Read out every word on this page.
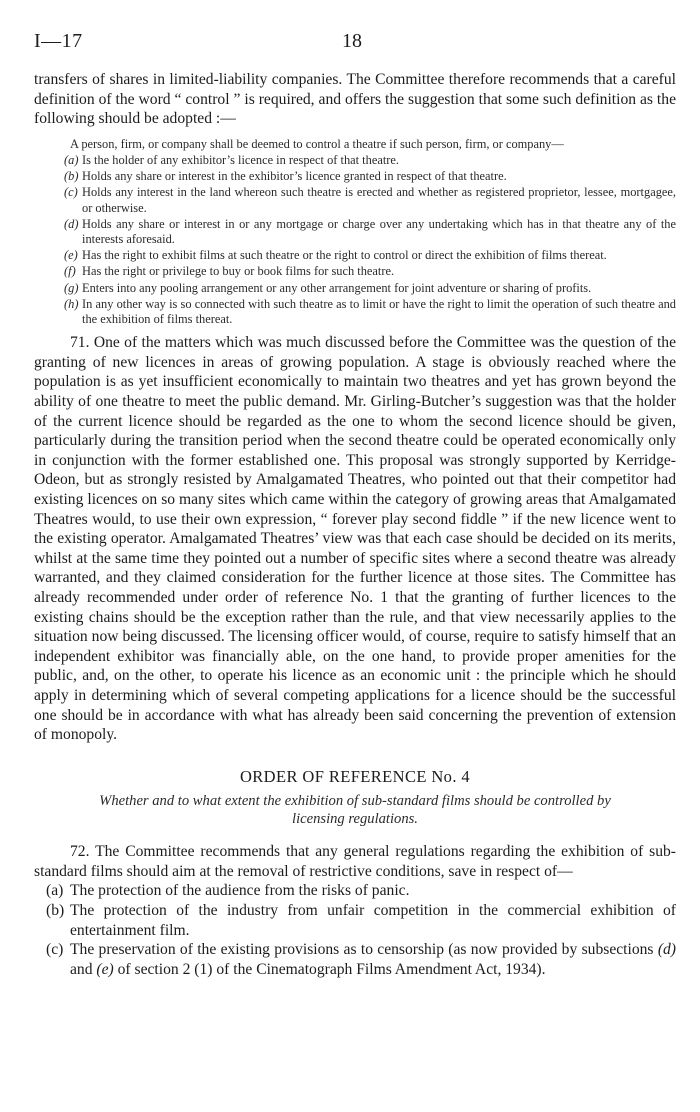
I—17	18

transfers of shares in limited-liability companies. The Committee therefore recommends that a careful definition of the word “ control ” is required, and offers the suggestion that some such definition as the following should be adopted :—

A person, firm, or company shall be deemed to control a theatre if such person, firm, or company—

(a) Is the holder of any exhibitor’s licence in respect of that theatre.
(b) Holds any share or interest in the exhibitor’s licence granted in respect of that theatre.
(c) Holds any interest in the land whereon such theatre is erected and whether as registered proprietor, lessee, mortgagee, or otherwise.
(d) Holds any share or interest in or any mortgage or charge over any undertaking which has in that theatre any of the interests aforesaid.
(e) Has the right to exhibit films at such theatre or the right to control or direct the exhibition of films thereat.
(f) Has the right or privilege to buy or book films for such theatre.
(g) Enters into any pooling arrangement or any other arrangement for joint adventure or sharing of profits.
(h) In any other way is so connected with such theatre as to limit or have the right to limit the operation of such theatre and the exhibition of films thereat.

71. One of the matters which was much discussed before the Committee was the question of the granting of new licences in areas of growing population. A stage is obviously reached where the population is as yet insufficient economically to maintain two theatres and yet has grown beyond the ability of one theatre to meet the public demand. Mr. Girling-Butcher’s suggestion was that the holder of the current licence should be regarded as the one to whom the second licence should be given, particularly during the transition period when the second theatre could be operated economically only in conjunction with the former established one. This proposal was strongly supported by Kerridge-Odeon, but as strongly resisted by Amalgamated Theatres, who pointed out that their competitor had existing licences on so many sites which came within the category of growing areas that Amalgamated Theatres would, to use their own expression, “ forever play second fiddle ” if the new licence went to the existing operator. Amalgamated Theatres’ view was that each case should be decided on its merits, whilst at the same time they pointed out a number of specific sites where a second theatre was already warranted, and they claimed consideration for the further licence at those sites. The Committee has already recommended under order of reference No. 1 that the granting of further licences to the existing chains should be the exception rather than the rule, and that view necessarily applies to the situation now being discussed. The licensing officer would, of course, require to satisfy himself that an independent exhibitor was financially able, on the one hand, to provide proper amenities for the public, and, on the other, to operate his licence as an economic unit : the principle which he should apply in determining which of several competing applications for a licence should be the successful one should be in accordance with what has already been said concerning the prevention of extension of monopoly.

ORDER OF REFERENCE No. 4
Whether and to what extent the exhibition of sub-standard films should be controlled by licensing regulations.

72. The Committee recommends that any general regulations regarding the exhibition of sub-standard films should aim at the removal of restrictive conditions, save in respect of—

(a) The protection of the audience from the risks of panic.
(b) The protection of the industry from unfair competition in the commercial exhibition of entertainment film.
(c) The preservation of the existing provisions as to censorship (as now provided by subsections (d) and (e) of section 2 (1) of the Cinematograph Films Amendment Act, 1934).
